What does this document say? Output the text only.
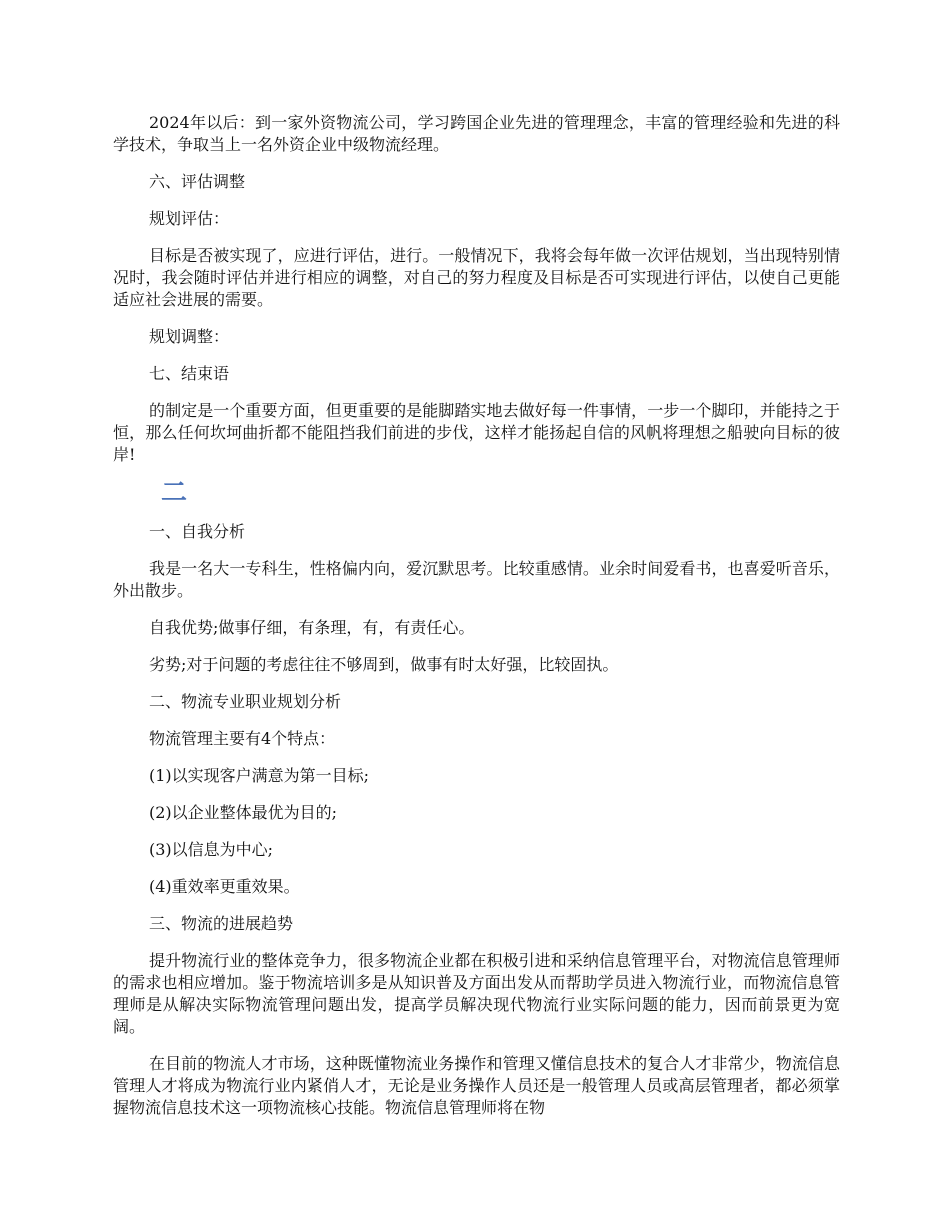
2024年以后：到一家外资物流公司，学习跨国企业先进的管理理念，丰富的管理经验和先进的科学技术，争取当上一名外资企业中级物流经理。

六、评估调整

规划评估：

目标是否被实现了，应进行评估，进行。一般情况下，我将会每年做一次评估规划，当出现特别情况时，我会随时评估并进行相应的调整，对自己的努力程度及目标是否可实现进行评估，以使自己更能适应社会进展的需要。

规划调整：

七、结束语

的制定是一个重要方面，但更重要的是能脚踏实地去做好每一件事情，一步一个脚印，并能持之于恒，那么任何坎坷曲折都不能阻挡我们前进的步伐，这样才能扬起自信的风帆将理想之船驶向目标的彼岸!

二

一、自我分析

我是一名大一专科生，性格偏内向，爱沉默思考。比较重感情。业余时间爱看书，也喜爱听音乐，外出散步。

自我优势;做事仔细，有条理，有，有责任心。

劣势;对于问题的考虑往往不够周到，做事有时太好强，比较固执。

二、物流专业职业规划分析

物流管理主要有4个特点：

(1)以实现客户满意为第一目标;

(2)以企业整体最优为目的;

(3)以信息为中心;

(4)重效率更重效果。

三、物流的进展趋势

提升物流行业的整体竞争力，很多物流企业都在积极引进和采纳信息管理平台，对物流信息管理师的需求也相应增加。鉴于物流培训多是从知识普及方面出发从而帮助学员进入物流行业，而物流信息管理师是从解决实际物流管理问题出发，提高学员解决现代物流行业实际问题的能力，因而前景更为宽阔。

在目前的物流人才市场，这种既懂物流业务操作和管理又懂信息技术的复合人才非常少，物流信息管理人才将成为物流行业内紧俏人才，无论是业务操作人员还是一般管理人员或高层管理者，都必须掌握物流信息技术这一项物流核心技能。物流信息管理师将在物
